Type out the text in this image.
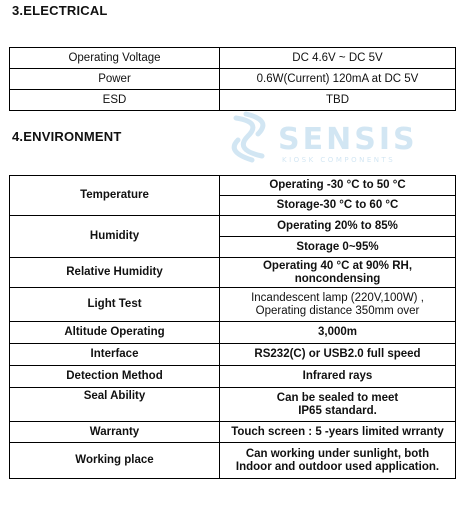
3.ELECTRICAL
Operating Voltage	DC 4.6V ~ DC 5V
Power	0.6W(Current) 120mA at DC 5V
ESD	TBD
SENSIS
KIOSK COMPONENTS
4.ENVIRONMENT
Temperature	Operating -30 °C to 50 °C
	Storage-30 °C to 60 °C
Humidity	Operating 20% to 85%
	Storage 0~95%
Relative Humidity	Operating 40 °C at 90% RH,
noncondensing

Light Test	Incandescent lamp (220V,100W) ,
Operating distance 350mm over

Altitude Operating	3,000m
Interface	RS232(C) or USB2.0 full speed
Detection Method	Infrared rays
Seal Ability	Can be sealed to meet
IP65 standard.

Warranty	Touch screen : 5 -years limited wrranty
Working place	Can working under sunlight, both
Indoor and outdoor used application.
